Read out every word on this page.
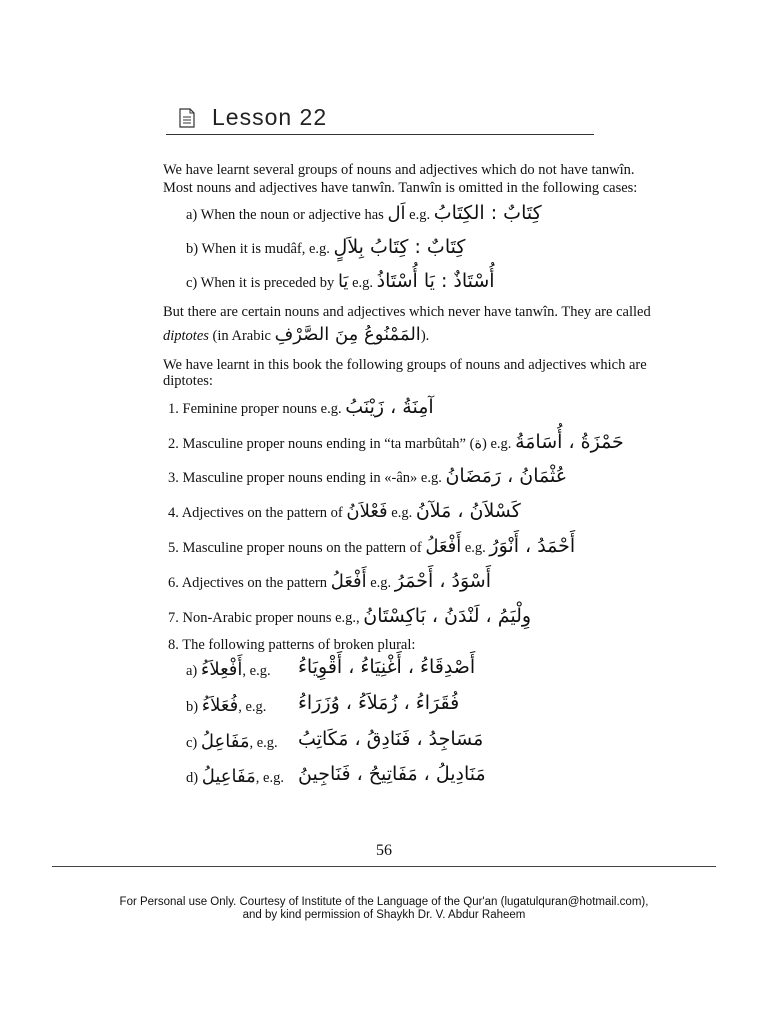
Lesson 22
We have learnt several groups of nouns and adjectives which do not have tanwîn.
Most nouns and adjectives have tanwîn. Tanwîn is omitted in the following cases:
a) When the noun or adjective has اَل e.g. كِتَابٌ : الكِتَابُ
b) When it is mudâf, e.g. كِتَابٌ : كِتَابُ بِلاَلٍ
c) When it is preceded by يَا e.g. أُسْتَاذٌ : يَا أُسْتَاذُ
But there are certain nouns and adjectives which never have tanwîn. They are called
diptotes (in Arabic المَمْنُوعُ مِنَ الصَّرْفِ).
We have learnt in this book the following groups of nouns and adjectives which are
diptotes:
1. Feminine proper nouns e.g. آمِنَةُ ، زَيْنَبُ
2. Masculine proper nouns ending in “ta marbûtah” (ة) e.g. حَمْزَةُ ، أُسَامَةُ
3. Masculine proper nouns ending in «-ân» e.g. عُثْمَانُ ، رَمَضَانُ
4. Adjectives on the pattern of فَعْلاَنُ e.g. كَسْلاَنُ ، مَلآنُ
5. Masculine proper nouns on the pattern of أَفْعَلُ e.g. أَحْمَدُ ، أَنْوَرُ
6. Adjectives on the pattern أَفْعَلُ e.g. أَسْوَدُ ، أَحْمَرُ
7. Non-Arabic proper nouns e.g., وِلْيَمُ ، لَنْدَنُ ، بَاكِسْتَانُ
8. The following patterns of broken plural:
a) أَفْعِلاَءُ, e.g. أَصْدِقَاءُ ، أَغْنِيَاءُ ، أَقْوِيَاءُ
b) فُعَلاَءُ, e.g. فُقَرَاءُ ، زُمَلاَءُ ، وُزَرَاءُ
c) مَفَاعِلُ, e.g. مَسَاجِدُ ، فَنَادِقُ ، مَكَاتِبُ
d) مَفَاعِيلُ, e.g. مَنَادِيلُ ، مَفَاتِيحُ ، فَنَاجِينُ
56
For Personal use Only. Courtesy of Institute of the Language of the Qur'an (lugatulquran@hotmail.com),
and by kind permission of Shaykh Dr. V. Abdur Raheem
